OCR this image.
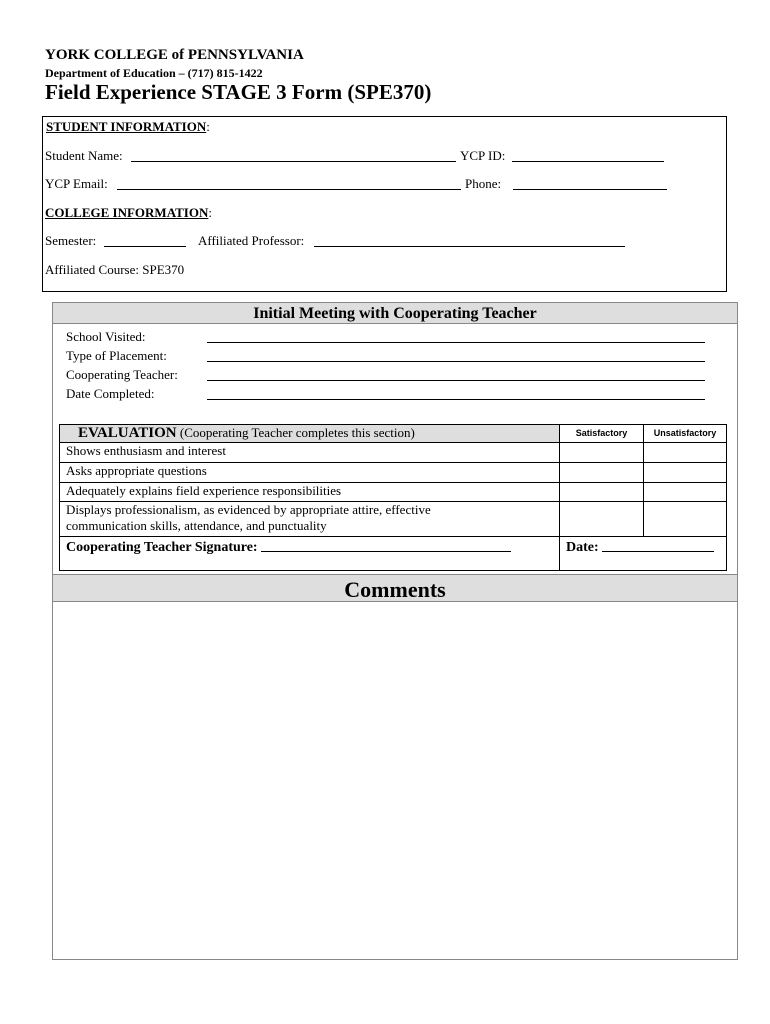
YORK COLLEGE of PENNSYLVANIA
Department of Education – (717) 815-1422
Field Experience STAGE 3 Form (SPE370)
STUDENT INFORMATION:
Student Name:	YCP ID:
YCP Email:	Phone:
COLLEGE INFORMATION:
Semester:	Affiliated Professor:
Affiliated Course: SPE370
Initial Meeting with Cooperating Teacher
School Visited:
Type of Placement:
Cooperating Teacher:
Date Completed:
EVALUATION (Cooperating Teacher completes this section)	Satisfactory	Unsatisfactory
Shows enthusiasm and interest		
Asks appropriate questions		
Adequately explains field experience responsibilities		

Displays professionalism, as evidenced by appropriate attire, effective
communication skills, attendance, and punctuality		

Cooperating Teacher Signature:	Date:	
Comments
